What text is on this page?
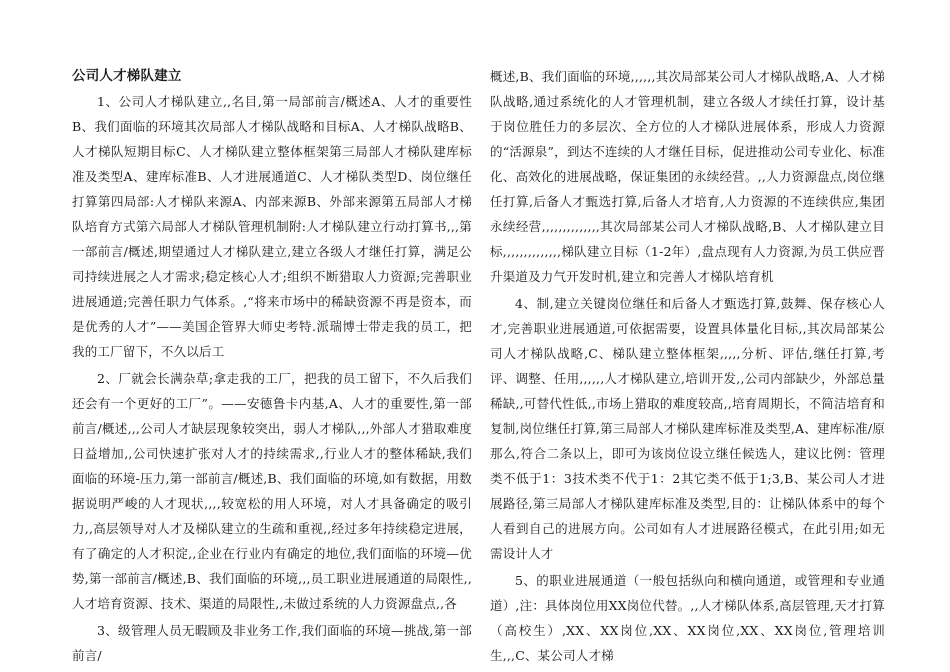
公司人才梯队建立

1、公司人才梯队建立,,名目,第一局部前言/概述A、人才的重要性B、我们面临的环境其次局部人才梯队战略和目标A、人才梯队战略B、人才梯队短期目标C、人才梯队建立整体框架第三局部人才梯队建库标准及类型A、建库标准B、人才进展通道C、人才梯队类型D、岗位继任打算第四局部:人才梯队来源A、内部来源B、外部来源第五局部人才梯队培育方式第六局部人才梯队管理机制附:人才梯队建立行动打算书,,,第一部前言/概述,期望通过人才梯队建立,建立各级人才继任打算，满足公司持续进展之人才需求;稳定核心人才;组织不断猎取人力资源;完善职业进展通道;完善任职力气体系。,“将来市场中的稀缺资源不再是资本，而是优秀的人才”——美国企管界大师史考特.派瑞博士带走我的员工，把我的工厂留下，不久以后工

2、厂就会长满杂草;拿走我的工厂，把我的员工留下，不久后我们还会有一个更好的工厂”。——安德鲁卡内基,A、人才的重要性,第一部前言/概述,,,公司人才缺层现象较突出，弱人才梯队,,,外部人才猎取难度日益增加,,公司快速扩张对人才的持续需求,,行业人才的整体稀缺,我们面临的环境-压力,第一部前言/概述,B、我们面临的环境,如有数据，用数据说明严峻的人才现状,,,,较宽松的用人环境，对人才具备确定的吸引力,,高层领导对人才及梯队建立的生疏和重视,,经过多年持续稳定进展，有了确定的人才积淀,,企业在行业内有确定的地位,我们面临的环境—优势,第一部前言/概述,B、我们面临的环境,,,员工职业进展通道的局限性,,人才培育资源、技术、渠道的局限性,,未做过系统的人力资源盘点,,各

3、级管理人员无暇顾及非业务工作,我们面临的环境—挑战,第一部前言/

概述,B、我们面临的环境,,,,,,其次局部某公司人才梯队战略,A、人才梯队战略,通过系统化的人才管理机制，建立各级人才续任打算，设计基于岗位胜任力的多层次、全方位的人才梯队进展体系，形成人力资源的“活源泉”，到达不连续的人才继任目标，促进推动公司专业化、标准化、高效化的进展战略，保证集团的永续经营。,,人力资源盘点,岗位继任打算,后备人才甄选打算,后备人才培育,人力资源的不连续供应,集团永续经营,,,,,,,,,,,,,,其次局部某公司人才梯队战略,B、人才梯队建立目标,,,,,,,,,,,,,,梯队建立目标（1-2年）,盘点现有人力资源,为员工供应晋升渠道及力气开发时机,建立和完善人才梯队培育机

4、制,建立关键岗位继任和后备人才甄选打算,鼓舞、保存核心人才,完善职业进展通道,可依据需要，设置具体量化目标,,其次局部某公司人才梯队战略,C、梯队建立整体框架,,,,,分析、评估,继任打算,考评、调整、任用,,,,,,人才梯队建立,培训开发,,公司内部缺少，外部总量稀缺,,可替代性低,,市场上猎取的难度较高,,培育周期长，不简洁培育和复制,岗位继任打算,第三局部人才梯队建库标准及类型,A、建库标准/原那么,符合二条以上，即可为该岗位设立继任候选人，建议比例：管理类不低于1：3技术类不代于1：2其它类不低于1;3,B、某公司人才进展路径,第三局部人才梯队建库标准及类型,目的：让梯队体系中的每个人看到自己的进展方向。公司如有人才进展路径模式，在此引用;如无需设计人才

5、的职业进展通道（一般包括纵向和横向通道，或管理和专业通道）,注：具体岗位用XX岗位代替。,,人才梯队体系,高层管理,天才打算（高校生）,XX、XX岗位,XX、XX岗位,XX、XX岗位,管理培训生,,,C、某公司人才梯
